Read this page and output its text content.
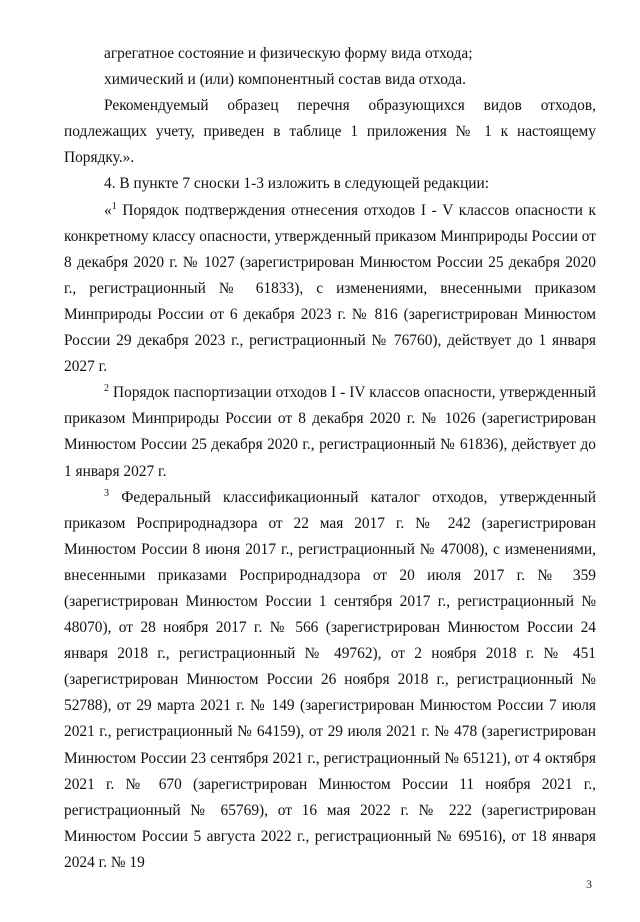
агрегатное состояние и физическую форму вида отхода;

химический и (или) компонентный состав вида отхода.

Рекомендуемый образец перечня образующихся видов отходов, подлежащих учету, приведен в таблице 1 приложения № 1 к настоящему Порядку.».

4. В пункте 7 сноски 1-3 изложить в следующей редакции:

«$^1$ Порядок подтверждения отнесения отходов I - V классов опасности к конкретному классу опасности, утвержденный приказом Минприроды России от 8 декабря 2020 г. № 1027 (зарегистрирован Минюстом России 25 декабря 2020 г., регистрационный № 61833), с изменениями, внесенными приказом Минприроды России от 6 декабря 2023 г. № 816 (зарегистрирован Минюстом России 29 декабря 2023 г., регистрационный № 76760), действует до 1 января 2027 г.

$^2$ Порядок паспортизации отходов I - IV классов опасности, утвержденный приказом Минприроды России от 8 декабря 2020 г. № 1026 (зарегистрирован Минюстом России 25 декабря 2020 г., регистрационный № 61836), действует до 1 января 2027 г.

$^3$ Федеральный классификационный каталог отходов, утвержденный приказом Росприроднадзора от 22 мая 2017 г. № 242 (зарегистрирован Минюстом России 8 июня 2017 г., регистрационный № 47008), с изменениями, внесенными приказами Росприроднадзора от 20 июля 2017 г. № 359 (зарегистрирован Минюстом России 1 сентября 2017 г., регистрационный № 48070), от 28 ноября 2017 г. № 566 (зарегистрирован Минюстом России 24 января 2018 г., регистрационный № 49762), от 2 ноября 2018 г. № 451 (зарегистрирован Минюстом России 26 ноября 2018 г., регистрационный № 52788), от 29 марта 2021 г. № 149 (зарегистрирован Минюстом России 7 июля 2021 г., регистрационный № 64159), от 29 июля 2021 г. № 478 (зарегистрирован Минюстом России 23 сентября 2021 г., регистрационный № 65121), от 4 октября 2021 г. № 670 (зарегистрирован Минюстом России 11 ноября 2021 г., регистрационный № 65769), от 16 мая 2022 г. № 222 (зарегистрирован Минюстом России 5 августа 2022 г., регистрационный № 69516), от 18 января 2024 г. № 19

3
